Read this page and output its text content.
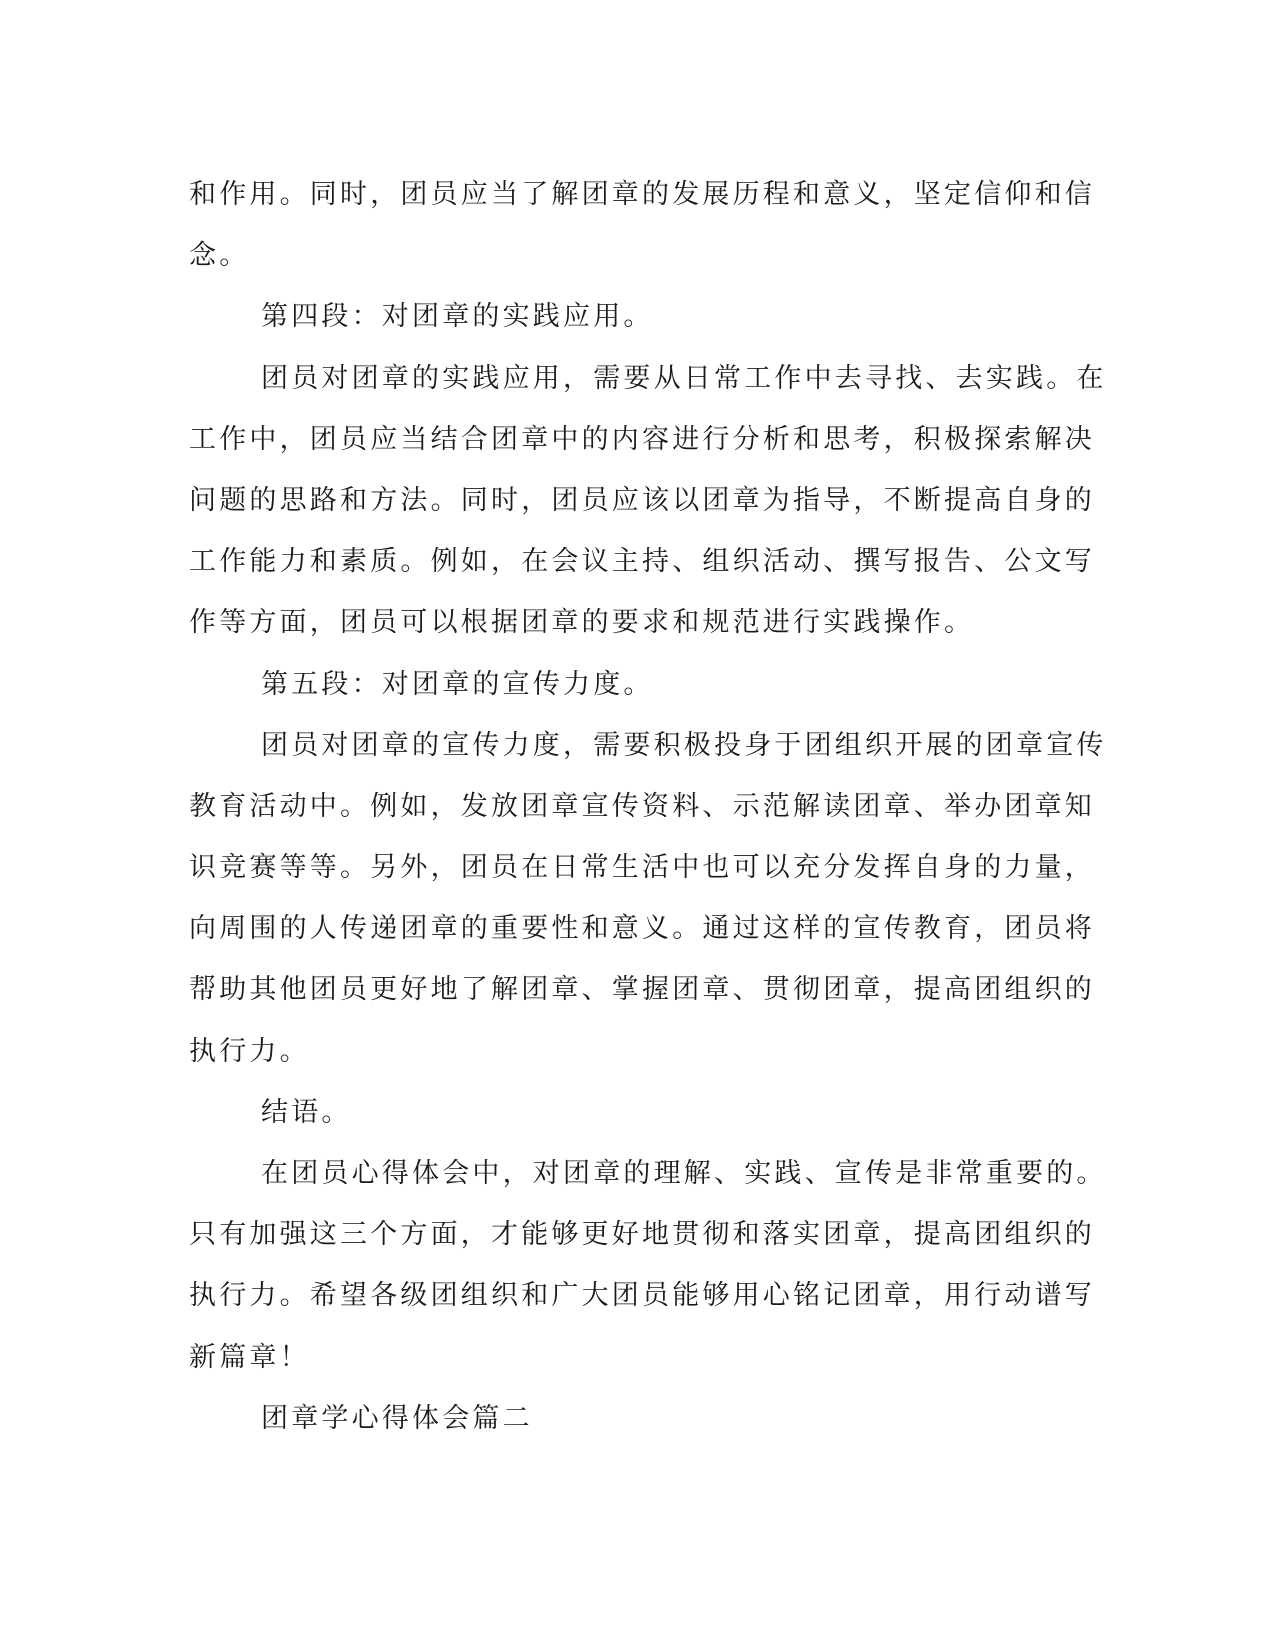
和作用。同时，团员应当了解团章的发展历程和意义，坚定信仰和信
念。
第四段：对团章的实践应用。
团员对团章的实践应用，需要从日常工作中去寻找、去实践。在
工作中，团员应当结合团章中的内容进行分析和思考，积极探索解决
问题的思路和方法。同时，团员应该以团章为指导，不断提高自身的
工作能力和素质。例如，在会议主持、组织活动、撰写报告、公文写
作等方面，团员可以根据团章的要求和规范进行实践操作。
第五段：对团章的宣传力度。
团员对团章的宣传力度，需要积极投身于团组织开展的团章宣传
教育活动中。例如，发放团章宣传资料、示范解读团章、举办团章知
识竞赛等等。另外，团员在日常生活中也可以充分发挥自身的力量，
向周围的人传递团章的重要性和意义。通过这样的宣传教育，团员将
帮助其他团员更好地了解团章、掌握团章、贯彻团章，提高团组织的
执行力。
结语。
在团员心得体会中，对团章的理解、实践、宣传是非常重要的。
只有加强这三个方面，才能够更好地贯彻和落实团章，提高团组织的
执行力。希望各级团组织和广大团员能够用心铭记团章，用行动谱写
新篇章！
团章学心得体会篇二
